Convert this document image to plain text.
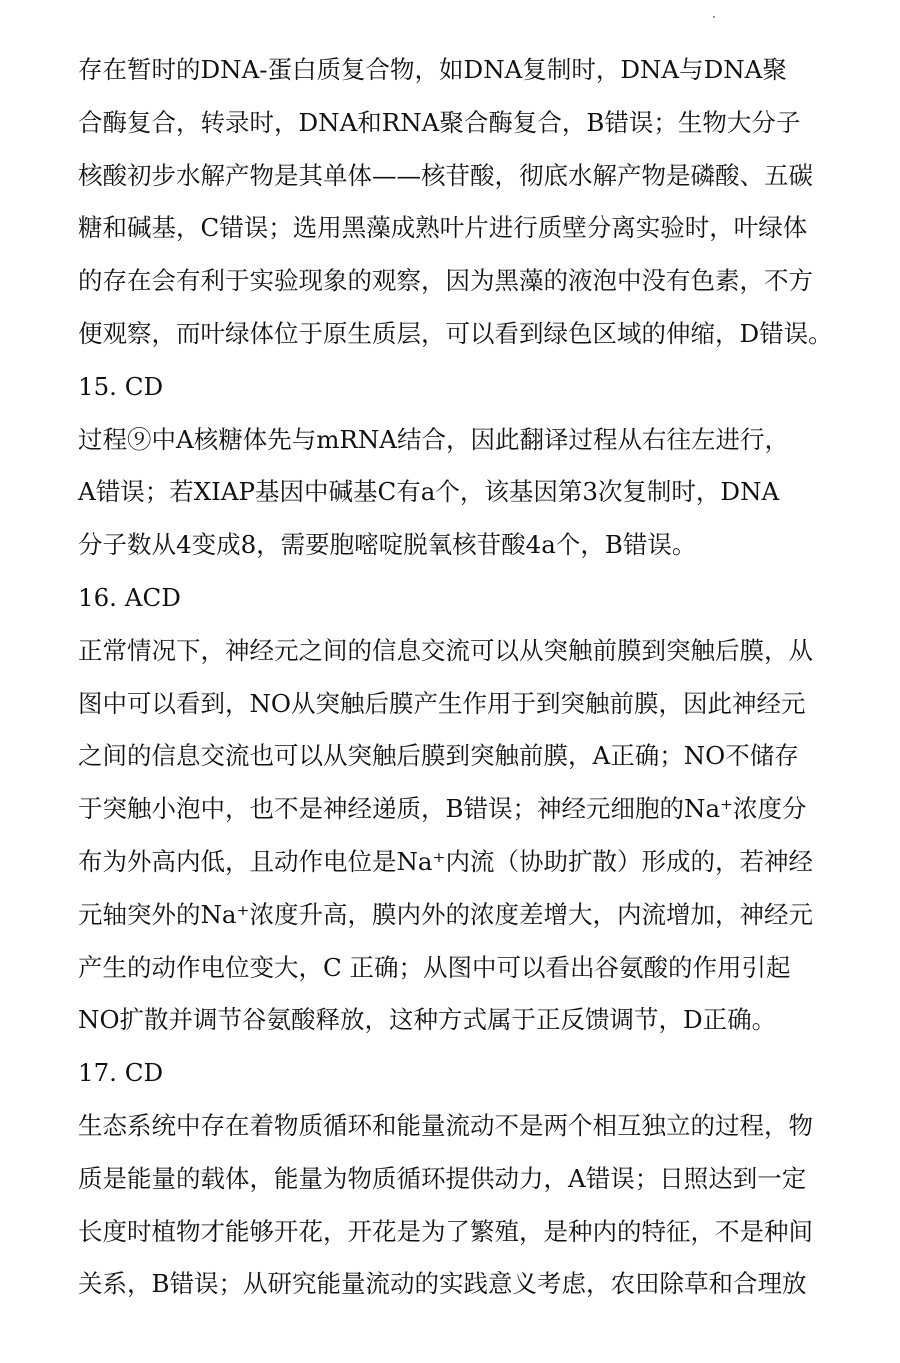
存在暂时的DNA-蛋白质复合物，如DNA复制时，DNA与DNA聚
合酶复合，转录时，DNA和RNA聚合酶复合，B错误；生物大分子
核酸初步水解产物是其单体——核苷酸，彻底水解产物是磷酸、五碳
糖和碱基，C错误；选用黑藻成熟叶片进行质壁分离实验时，叶绿体
的存在会有利于实验现象的观察，因为黑藻的液泡中没有色素，不方
便观察，而叶绿体位于原生质层，可以看到绿色区域的伸缩，D错误。
15. CD
过程⑨中A核糖体先与mRNA结合，因此翻译过程从右往左进行，
A错误；若XIAP基因中碱基C有a个，该基因第3次复制时，DNA
分子数从4变成8，需要胞嘧啶脱氧核苷酸4a个，B错误。
16. ACD
正常情况下，神经元之间的信息交流可以从突触前膜到突触后膜，从
图中可以看到，NO从突触后膜产生作用于到突触前膜，因此神经元
之间的信息交流也可以从突触后膜到突触前膜，A正确；NO不储存
于突触小泡中，也不是神经递质，B错误；神经元细胞的Na⁺浓度分
布为外高内低，且动作电位是Na⁺内流（协助扩散）形成的，若神经
元轴突外的Na⁺浓度升高，膜内外的浓度差增大，内流增加，神经元
产生的动作电位变大，C 正确；从图中可以看出谷氨酸的作用引起
NO扩散并调节谷氨酸释放，这种方式属于正反馈调节，D正确。
17. CD
生态系统中存在着物质循环和能量流动不是两个相互独立的过程，物
质是能量的载体，能量为物质循环提供动力，A错误；日照达到一定
长度时植物才能够开花，开花是为了繁殖，是种内的特征，不是种间
关系，B错误；从研究能量流动的实践意义考虑，农田除草和合理放
